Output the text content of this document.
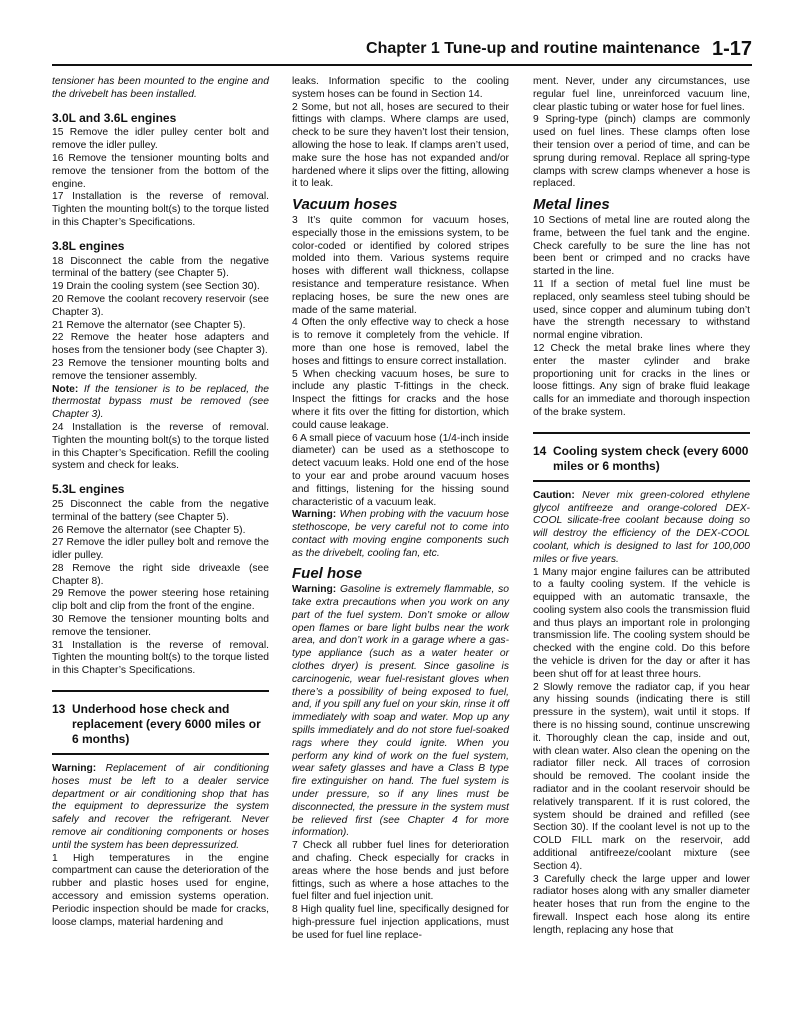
Chapter 1 Tune-up and routine maintenance 1-17

tensioner has been mounted to the engine and the drivebelt has been installed.

3.0L and 3.6L engines

15 Remove the idler pulley center bolt and remove the idler pulley.

16 Remove the tensioner mounting bolts and remove the tensioner from the bottom of the engine.

17 Installation is the reverse of removal. Tighten the mounting bolt(s) to the torque listed in this Chapter’s Specifications.

3.8L engines

18 Disconnect the cable from the negative terminal of the battery (see Chapter 5).

19 Drain the cooling system (see Section 30).

20 Remove the coolant recovery reservoir (see Chapter 3).

21 Remove the alternator (see Chapter 5).

22 Remove the heater hose adapters and hoses from the tensioner body (see Chapter 3).

23 Remove the tensioner mounting bolts and remove the tensioner assembly.

Note: If the tensioner is to be replaced, the thermostat bypass must be removed (see Chapter 3).

24 Installation is the reverse of removal. Tighten the mounting bolt(s) to the torque listed in this Chapter’s Specification. Refill the cooling system and check for leaks.

5.3L engines

25 Disconnect the cable from the negative terminal of the battery (see Chapter 5).

26 Remove the alternator (see Chapter 5).

27 Remove the idler pulley bolt and remove the idler pulley.

28 Remove the right side driveaxle (see Chapter 8).

29 Remove the power steering hose retaining clip bolt and clip from the front of the engine.

30 Remove the tensioner mounting bolts and remove the tensioner.

31 Installation is the reverse of removal. Tighten the mounting bolt(s) to the torque listed in this Chapter’s Specifications.

13 Underhood hose check and replacement (every 6000 miles or 6 months)

Warning: Replacement of air conditioning hoses must be left to a dealer service department or air conditioning shop that has the equipment to depressurize the system safely and recover the refrigerant. Never remove air conditioning components or hoses until the system has been depressurized.

1 High temperatures in the engine compartment can cause the deterioration of the rubber and plastic hoses used for engine, accessory and emission systems operation. Periodic inspection should be made for cracks, loose clamps, material hardening and

leaks. Information specific to the cooling system hoses can be found in Section 14.

2 Some, but not all, hoses are secured to their fittings with clamps. Where clamps are used, check to be sure they haven’t lost their tension, allowing the hose to leak. If clamps aren’t used, make sure the hose has not expanded and/or hardened where it slips over the fitting, allowing it to leak.

Vacuum hoses

3 It’s quite common for vacuum hoses, especially those in the emissions system, to be color-coded or identified by colored stripes molded into them. Various systems require hoses with different wall thickness, collapse resistance and temperature resistance. When replacing hoses, be sure the new ones are made of the same material.

4 Often the only effective way to check a hose is to remove it completely from the vehicle. If more than one hose is removed, label the hoses and fittings to ensure correct installation.

5 When checking vacuum hoses, be sure to include any plastic T-fittings in the check. Inspect the fittings for cracks and the hose where it fits over the fitting for distortion, which could cause leakage.

6 A small piece of vacuum hose (1/4-inch inside diameter) can be used as a stethoscope to detect vacuum leaks. Hold one end of the hose to your ear and probe around vacuum hoses and fittings, listening for the hissing sound characteristic of a vacuum leak.

Warning: When probing with the vacuum hose stethoscope, be very careful not to come into contact with moving engine components such as the drivebelt, cooling fan, etc.

Fuel hose

Warning: Gasoline is extremely flammable, so take extra precautions when you work on any part of the fuel system. Don’t smoke or allow open flames or bare light bulbs near the work area, and don’t work in a garage where a gas-type appliance (such as a water heater or clothes dryer) is present. Since gasoline is carcinogenic, wear fuel-resistant gloves when there’s a possibility of being exposed to fuel, and, if you spill any fuel on your skin, rinse it off immediately with soap and water. Mop up any spills immediately and do not store fuel-soaked rags where they could ignite. When you perform any kind of work on the fuel system, wear safety glasses and have a Class B type fire extinguisher on hand. The fuel system is under pressure, so if any lines must be disconnected, the pressure in the system must be relieved first (see Chapter 4 for more information).

7 Check all rubber fuel lines for deterioration and chafing. Check especially for cracks in areas where the hose bends and just before fittings, such as where a hose attaches to the fuel filter and fuel injection unit.

8 High quality fuel line, specifically designed for high-pressure fuel injection applications, must be used for fuel line replace-

ment. Never, under any circumstances, use regular fuel line, unreinforced vacuum line, clear plastic tubing or water hose for fuel lines.

9 Spring-type (pinch) clamps are commonly used on fuel lines. These clamps often lose their tension over a period of time, and can be sprung during removal. Replace all spring-type clamps with screw clamps whenever a hose is replaced.

Metal lines

10 Sections of metal line are routed along the frame, between the fuel tank and the engine. Check carefully to be sure the line has not been bent or crimped and no cracks have started in the line.

11 If a section of metal fuel line must be replaced, only seamless steel tubing should be used, since copper and aluminum tubing don’t have the strength necessary to withstand normal engine vibration.

12 Check the metal brake lines where they enter the master cylinder and brake proportioning unit for cracks in the lines or loose fittings. Any sign of brake fluid leakage calls for an immediate and thorough inspection of the brake system.

14 Cooling system check (every 6000 miles or 6 months)

Caution: Never mix green-colored ethylene glycol antifreeze and orange-colored DEX-COOL silicate-free coolant because doing so will destroy the efficiency of the DEX-COOL coolant, which is designed to last for 100,000 miles or five years.

1 Many major engine failures can be attributed to a faulty cooling system. If the vehicle is equipped with an automatic transaxle, the cooling system also cools the transmission fluid and thus plays an important role in prolonging transmission life. The cooling system should be checked with the engine cold. Do this before the vehicle is driven for the day or after it has been shut off for at least three hours.

2 Slowly remove the radiator cap, if you hear any hissing sounds (indicating there is still pressure in the system), wait until it stops. If there is no hissing sound, continue unscrewing it. Thoroughly clean the cap, inside and out, with clean water. Also clean the opening on the radiator filler neck. All traces of corrosion should be removed. The coolant inside the radiator and in the coolant reservoir should be relatively transparent. If it is rust colored, the system should be drained and refilled (see Section 30). If the coolant level is not up to the COLD FILL mark on the reservoir, add additional antifreeze/coolant mixture (see Section 4).

3 Carefully check the large upper and lower radiator hoses along with any smaller diameter heater hoses that run from the engine to the firewall. Inspect each hose along its entire length, replacing any hose that
